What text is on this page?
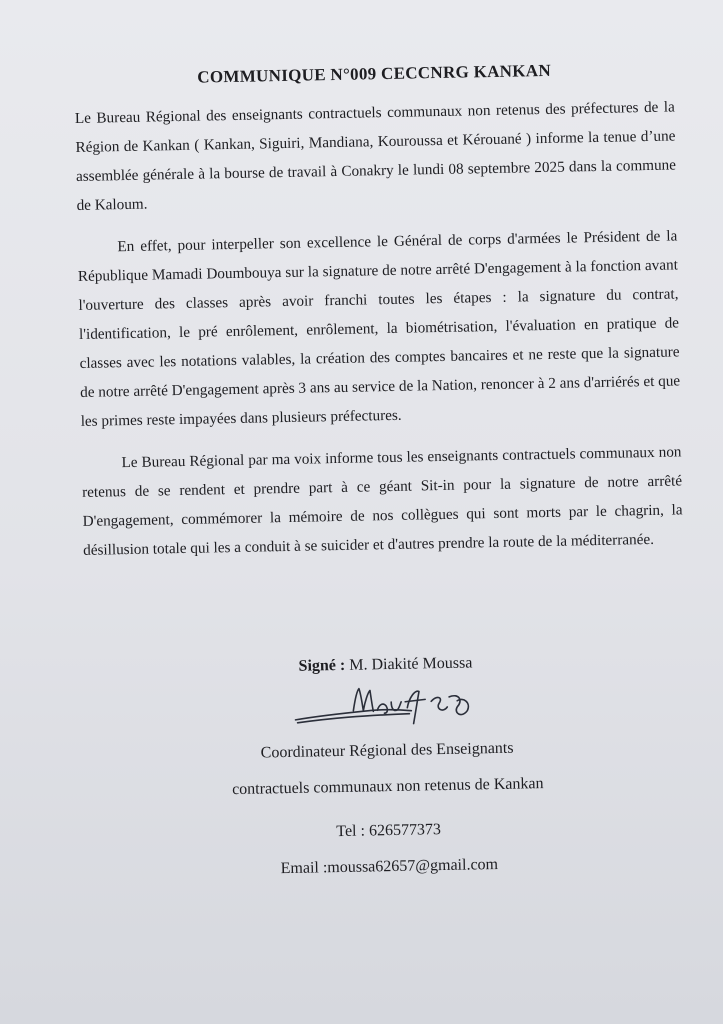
COMMUNIQUE N°009 CECCNRG KANKAN

Le Bureau Régional des enseignants contractuels communaux non retenus des préfectures de la Région de Kankan ( Kankan, Siguiri, Mandiana, Kouroussa et Kérouané ) informe la tenue d’une assemblée générale à la bourse de travail à Conakry le lundi 08 septembre 2025 dans la commune de Kaloum.

En effet, pour interpeller son excellence le Général de corps d'armées le Président de la République Mamadi Doumbouya sur la signature de notre arrêté D'engagement à la fonction avant l'ouverture des classes après avoir franchi toutes les étapes : la signature du contrat, l'identification, le pré enrôlement, enrôlement, la biométrisation, l'évaluation en pratique de classes avec les notations valables, la création des comptes bancaires et ne reste que la signature de notre arrêté D'engagement après 3 ans au service de la Nation, renoncer à 2 ans d'arriérés et que les primes reste impayées dans plusieurs préfectures.

Le Bureau Régional par ma voix informe tous les enseignants contractuels communaux non retenus de se rendent et prendre part à ce géant Sit-in pour la signature de notre arrêté D'engagement, commémorer la mémoire de nos collègues qui sont morts par le chagrin, la désillusion totale qui les a conduit à se suicider et d'autres prendre la route de la méditerranée.

Signé : M. Diakité Moussa

Coordinateur Régional des Enseignants

contractuels communaux non retenus de Kankan

Tel : 626577373

Email :moussa62657@gmail.com
